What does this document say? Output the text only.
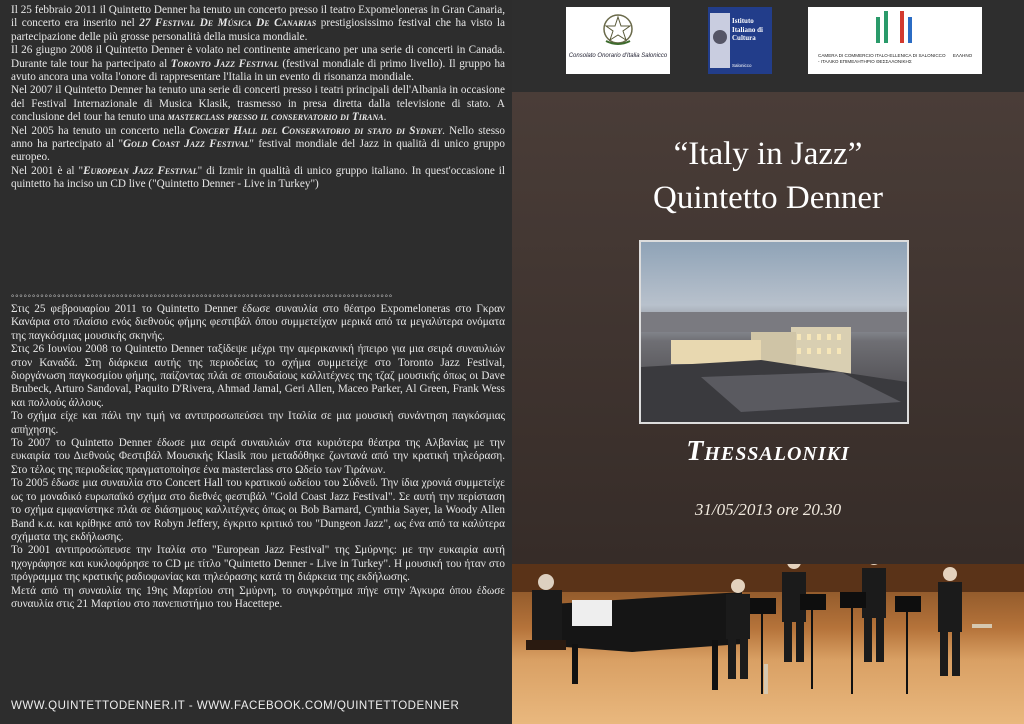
Il 25 febbraio 2011 il Quintetto Denner ha tenuto un concerto presso il teatro Expomeloneras in Gran Canaria, il concerto era inserito nel 27 Festival De Música De Canarias prestigiosissimo festival che ha visto la partecipazione delle più grosse personalità della musica mondiale.

Il 26 giugno 2008 il Quintetto Denner è volato nel continente americano per una serie di concerti in Canada. Durante tale tour ha partecipato al Toronto Jazz Festival (festival mondiale di primo livello). Il gruppo ha avuto ancora una volta l'onore di rappresentare l'Italia in un evento di risonanza mondiale.

Nel 2007 il Quintetto Denner ha tenuto una serie di concerti presso i teatri principali dell'Albania in occasione del Festival Internazionale di Musica Klasik, trasmesso in presa diretta dalla televisione di stato. A conclusione del tour ha tenuto una masterclass presso il conservatorio di Tirana.

Nel 2005 ha tenuto un concerto nella Concert Hall del Conservatorio di stato di Sydney. Nello stesso anno ha partecipato al "Gold Coast Jazz Festival" festival mondiale del Jazz in qualità di unico gruppo europeo.

Nel 2001 è al "European Jazz Festival" di Izmir in qualità di unico gruppo italiano. In quest'occasione il quintetto ha inciso un CD live ("Quintetto Denner - Live in Turkey")

°°°°°°°°°°°°°°°°°°°°°°°°°°°°°°°°°°°°°°°°°°°°°°°°°°°°°°°°°°°°°°°°°°°°°°°°°°°°°°°°°°°°°°°°°°°

Στις 25 φεβρουαρίου 2011 το Quintetto Denner έδωσε συναυλία στο θέατρο Expomeloneras στο Γκραν Κανάρια στο πλαίσιο ενός διεθνούς φήμης φεστιβάλ όπου συμμετείχαν μερικά από τα μεγαλύτερα ονόματα της παγκόσμιας μουσικής σκηνής.

Στις 26 Ιουνίου 2008 το Quintetto Denner ταξίδεψε μέχρι την αμερικανική ήπειρο για μια σειρά συναυλιών στον Καναδά. Στη διάρκεια αυτής της περιοδείας το σχήμα συμμετείχε στο Toronto Jazz Festival, διοργάνωση παγκοσμίου φήμης, παίζοντας πλάι σε σπουδαίους καλλιτέχνες της τζαζ μουσικής όπως οι Dave Brubeck, Arturo Sandoval, Paquito D'Rivera, Ahmad Jamal, Geri Allen, Maceo Parker, Al Green, Frank Wess και πολλούς άλλους.

Το σχήμα είχε και πάλι την τιμή να αντιπροσωπεύσει την Ιταλία σε μια μουσική συνάντηση παγκόσμιας απήχησης.

Το 2007 το Quintetto Denner έδωσε μια σειρά συναυλιών στα κυριότερα θέατρα της Αλβανίας με την ευκαιρία του Διεθνούς Φεστιβάλ Μουσικής Klasik που μεταδόθηκε ζωντανά από την κρατική τηλεόραση. Στο τέλος της περιοδείας πραγματοποίησε ένα masterclass στο Ωδείο των Τιράνων.

Το 2005 έδωσε μια συναυλία στο Concert Hall του κρατικού ωδείου του Σύδνεϋ. Την ίδια χρονιά συμμετείχε ως το μοναδικό ευρωπαϊκό σχήμα στο διεθνές φεστιβάλ "Gold Coast Jazz Festival". Σε αυτή την περίσταση το σχήμα εμφανίστηκε πλάι σε διάσημους καλλιτέχνες όπως οι Bob Barnard, Cynthia Sayer, la Woody Allen Band κ.α. και κρίθηκε από τον Robyn Jeffery, έγκριτο κριτικό του "Dungeon Jazz", ως ένα από τα καλύτερα σχήματα της εκδήλωσης.

Το 2001 αντιπροσώπευσε την Ιταλία στο "European Jazz Festival" της Σμύρνης: με την ευκαιρία αυτή ηχογράφησε και κυκλοφόρησε το CD με τίτλο "Quintetto Denner - Live in Turkey". Η μουσική του ήταν στο πρόγραμμα της κρατικής ραδιοφωνίας και τηλεόρασης κατά τη διάρκεια της εκδήλωσης.

Μετά από τη συναυλία της 19ης Μαρτίου στη Σμύρνη, το συγκρότημα πήγε στην Άγκυρα όπου έδωσε συναυλία στις 21 Μαρτίου στο πανεπιστήμιο του Hacettepe.

WWW.QUINTETTODENNER.IT - WWW.FACEBOOK.COM/QUINTETTODENNER
Consolato Onorario d'Italia Salonicco
Istituto Italiano di Cultura
Salonicco
CAMERA DI COMMERCIO ITALO-ELLENICA DI SALONICCO ΕΛΛΗΝΟ - ΙΤΑΛΙΚΟ ΕΠΙΜΕΛΗΤΗΡΙΟ ΘΕΣΣΑΛΟΝΙΚΗΣ
“Italy in Jazz”
Quintetto Denner
Thessaloniki
31/05/2013 ore 20.30
